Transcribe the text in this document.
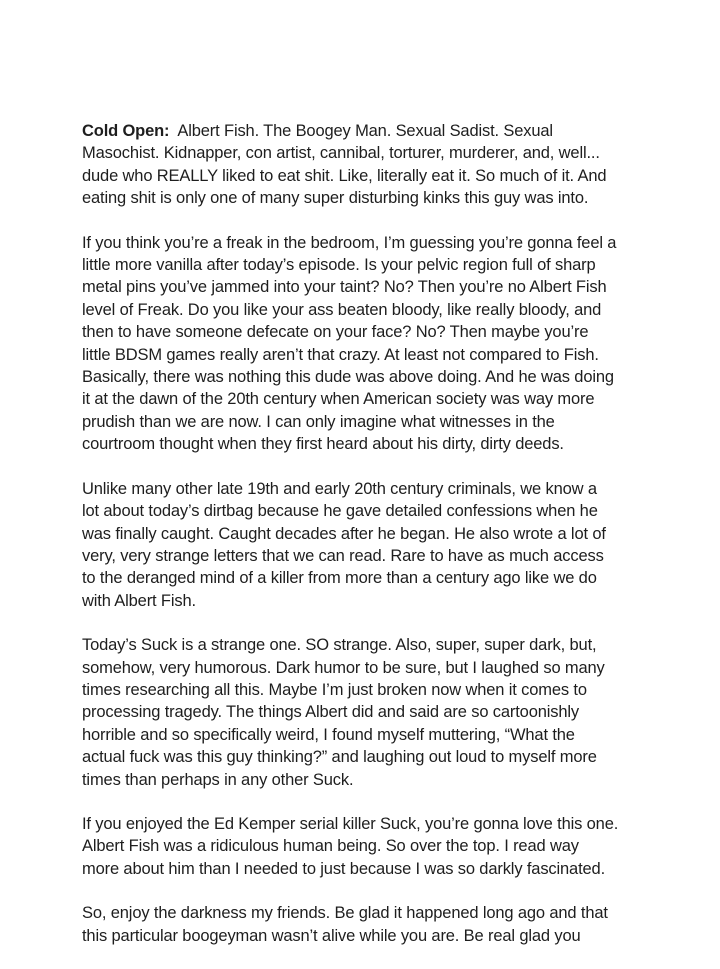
Cold Open: Albert Fish. The Boogey Man. Sexual Sadist. Sexual
Masochist. Kidnapper, con artist, cannibal, torturer, murderer, and, well...
dude who REALLY liked to eat shit. Like, literally eat it. So much of it. And
eating shit is only one of many super disturbing kinks this guy was into.
If you think you’re a freak in the bedroom, I’m guessing you’re gonna feel a
little more vanilla after today’s episode. Is your pelvic region full of sharp
metal pins you’ve jammed into your taint? No? Then you’re no Albert Fish
level of Freak. Do you like your ass beaten bloody, like really bloody, and
then to have someone defecate on your face? No? Then maybe you’re
little BDSM games really aren’t that crazy. At least not compared to Fish.
Basically, there was nothing this dude was above doing. And he was doing
it at the dawn of the 20th century when American society was way more
prudish than we are now. I can only imagine what witnesses in the
courtroom thought when they first heard about his dirty, dirty deeds.
Unlike many other late 19th and early 20th century criminals, we know a
lot about today’s dirtbag because he gave detailed confessions when he
was finally caught. Caught decades after he began. He also wrote a lot of
very, very strange letters that we can read. Rare to have as much access
to the deranged mind of a killer from more than a century ago like we do
with Albert Fish.
Today’s Suck is a strange one. SO strange. Also, super, super dark, but,
somehow, very humorous. Dark humor to be sure, but I laughed so many
times researching all this. Maybe I’m just broken now when it comes to
processing tragedy. The things Albert did and said are so cartoonishly
horrible and so specifically weird, I found myself muttering, “What the
actual fuck was this guy thinking?” and laughing out loud to myself more
times than perhaps in any other Suck.
If you enjoyed the Ed Kemper serial killer Suck, you’re gonna love this one.
Albert Fish was a ridiculous human being. So over the top. I read way
more about him than I needed to just because I was so darkly fascinated.
So, enjoy the darkness my friends. Be glad it happened long ago and that
this particular boogeyman wasn’t alive while you are. Be real glad you
